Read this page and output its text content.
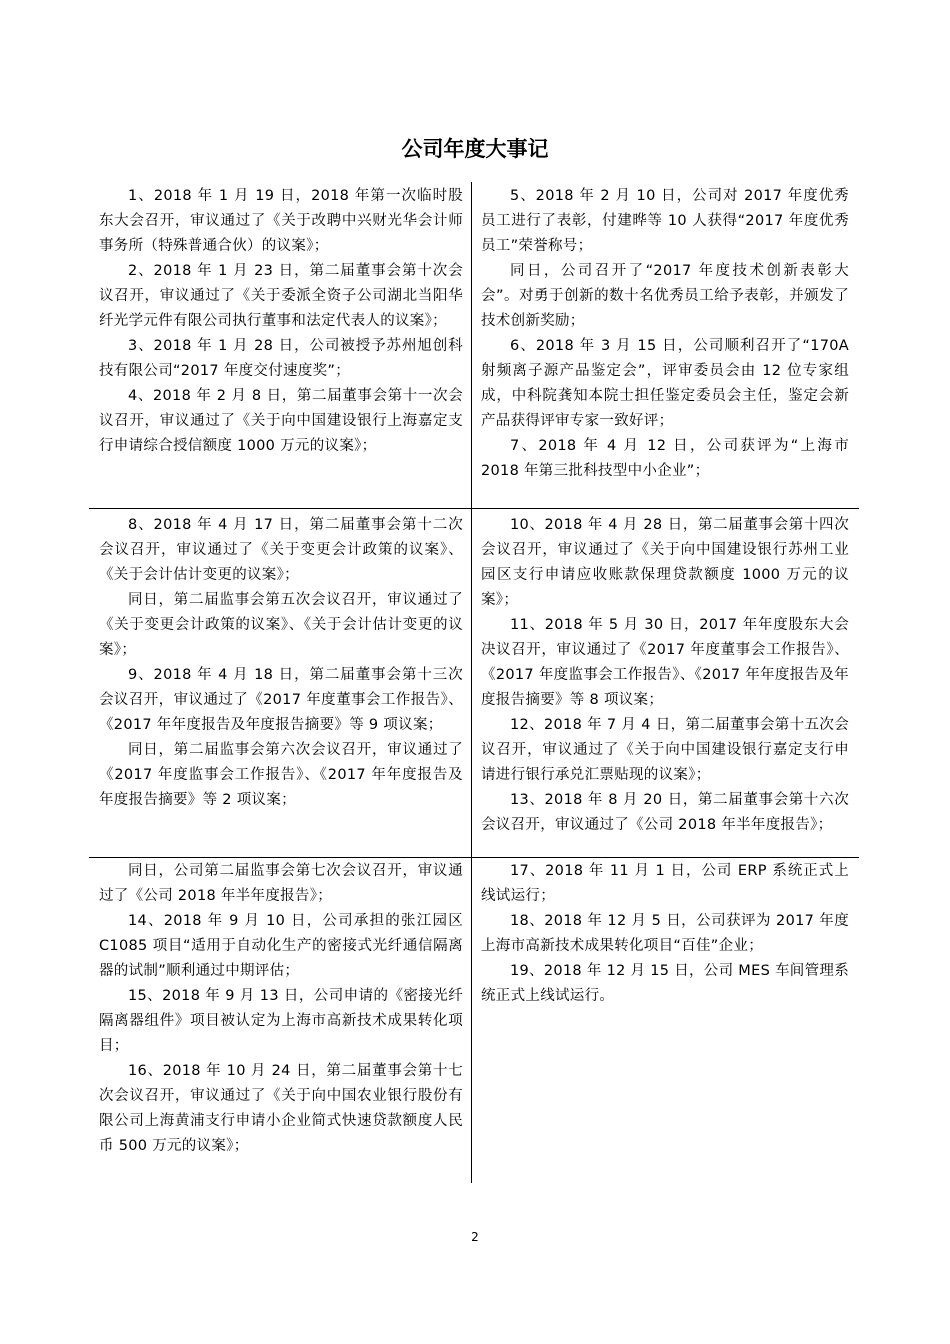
公司年度大事记

1、2018 年 1 月 19 日，2018 年第一次临时股东大会召开，审议通过了《关于改聘中兴财光华会计师事务所（特殊普通合伙）的议案》；

2、2018 年 1 月 23 日，第二届董事会第十次会议召开，审议通过了《关于委派全资子公司湖北当阳华纤光学元件有限公司执行董事和法定代表人的议案》；

3、2018 年 1 月 28 日，公司被授予苏州旭创科技有限公司“2017 年度交付速度奖”；

4、2018 年 2 月 8 日，第二届董事会第十一次会议召开，审议通过了《关于向中国建设银行上海嘉定支行申请综合授信额度 1000 万元的议案》；

5、2018 年 2 月 10 日，公司对 2017 年度优秀员工进行了表彰，付建晔等 10 人获得“2017 年度优秀员工”荣誉称号；

同日，公司召开了“2017 年度技术创新表彰大会”。对勇于创新的数十名优秀员工给予表彰，并颁发了技术创新奖励；

6、2018 年 3 月 15 日，公司顺利召开了“170A 射频离子源产品鉴定会”，评审委员会由 12 位专家组成，中科院龚知本院士担任鉴定委员会主任，鉴定会新产品获得评审专家一致好评；

7、2018 年 4 月 12 日，公司获评为“上海市 2018 年第三批科技型中小企业”；

8、2018 年 4 月 17 日，第二届董事会第十二次会议召开，审议通过了《关于变更会计政策的议案》、《关于会计估计变更的议案》；

同日，第二届监事会第五次会议召开，审议通过了《关于变更会计政策的议案》、《关于会计估计变更的议案》；

9、2018 年 4 月 18 日，第二届董事会第十三次会议召开，审议通过了《2017 年度董事会工作报告》、《2017 年年度报告及年度报告摘要》等 9 项议案；

同日，第二届监事会第六次会议召开，审议通过了《2017 年度监事会工作报告》、《2017 年年度报告及年度报告摘要》等 2 项议案；

10、2018 年 4 月 28 日，第二届董事会第十四次会议召开，审议通过了《关于向中国建设银行苏州工业园区支行申请应收账款保理贷款额度 1000 万元的议案》；

11、2018 年 5 月 30 日，2017 年年度股东大会决议召开，审议通过了《2017 年度董事会工作报告》、《2017 年度监事会工作报告》、《2017 年年度报告及年度报告摘要》等 8 项议案；

12、2018 年 7 月 4 日，第二届董事会第十五次会议召开，审议通过了《关于向中国建设银行嘉定支行申请进行银行承兑汇票贴现的议案》；

13、2018 年 8 月 20 日，第二届董事会第十六次会议召开，审议通过了《公司 2018 年半年度报告》；

同日，公司第二届监事会第七次会议召开，审议通过了《公司 2018 年半年度报告》；

14、2018 年 9 月 10 日，公司承担的张江园区 C1085 项目“适用于自动化生产的密接式光纤通信隔离器的试制”顺利通过中期评估；

15、2018 年 9 月 13 日，公司申请的《密接光纤隔离器组件》项目被认定为上海市高新技术成果转化项目；

16、2018 年 10 月 24 日，第二届董事会第十七次会议召开，审议通过了《关于向中国农业银行股份有限公司上海黄浦支行申请小企业简式快速贷款额度人民币 500 万元的议案》；

17、2018 年 11 月 1 日，公司 ERP 系统正式上线试运行；

18、2018 年 12 月 5 日，公司获评为 2017 年度上海市高新技术成果转化项目“百佳”企业；

19、2018 年 12 月 15 日，公司 MES 车间管理系统正式上线试运行。

2
